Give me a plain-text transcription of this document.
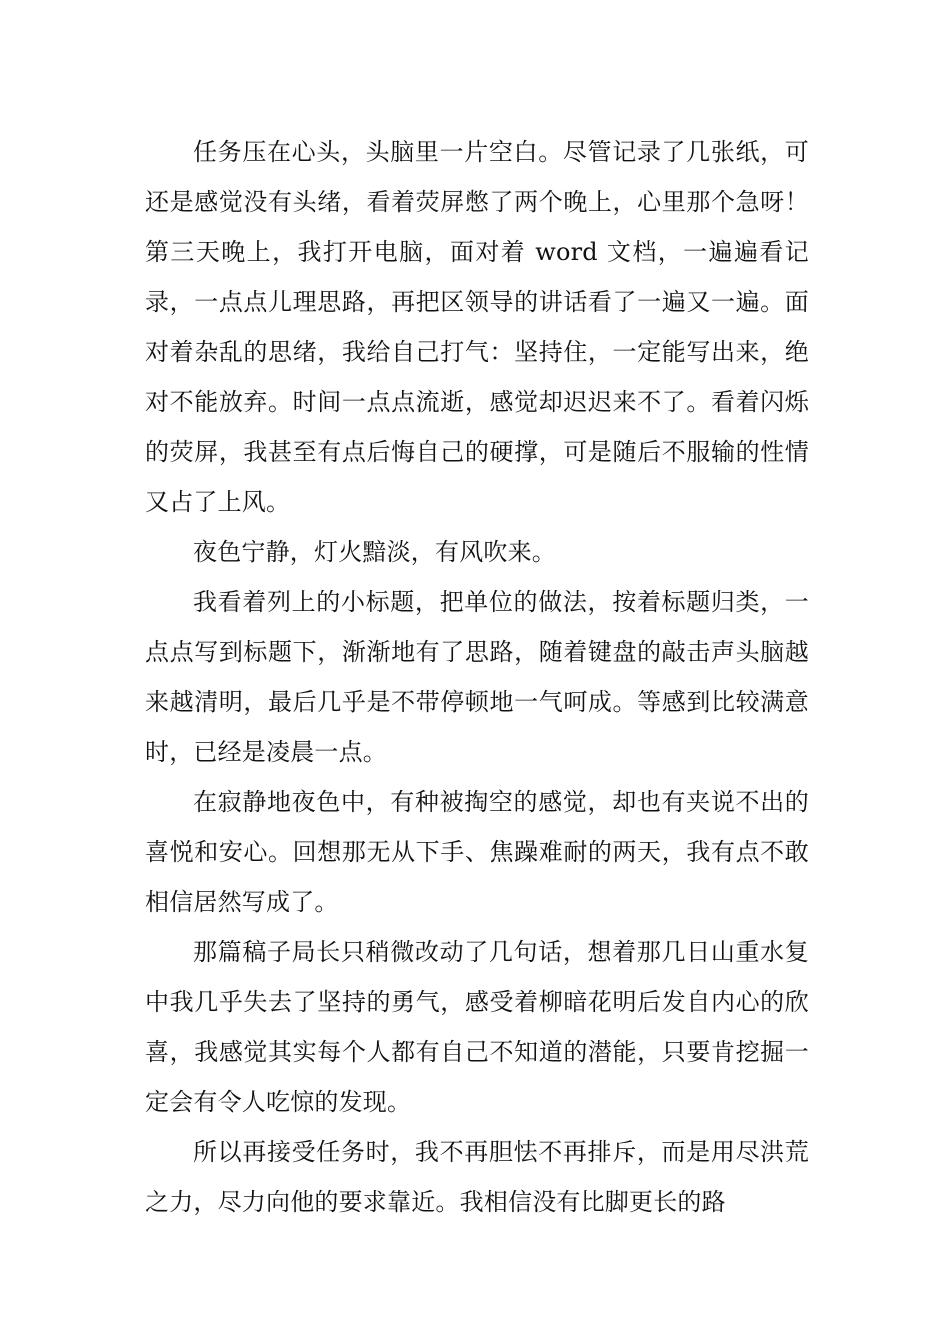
任务压在心头，头脑里一片空白。尽管记录了几张纸，可还是感觉没有头绪，看着荧屏憋了两个晚上，心里那个急呀！第三天晚上，我打开电脑，面对着 word 文档，一遍遍看记录，一点点儿理思路，再把区领导的讲话看了一遍又一遍。面对着杂乱的思绪，我给自己打气：坚持住，一定能写出来，绝对不能放弃。时间一点点流逝，感觉却迟迟来不了。看着闪烁的荧屏，我甚至有点后悔自己的硬撑，可是随后不服输的性情又占了上风。

夜色宁静，灯火黯淡，有风吹来。

我看着列上的小标题，把单位的做法，按着标题归类，一点点写到标题下，渐渐地有了思路，随着键盘的敲击声头脑越来越清明，最后几乎是不带停顿地一气呵成。等感到比较满意时，已经是凌晨一点。

在寂静地夜色中，有种被掏空的感觉，却也有夹说不出的喜悦和安心。回想那无从下手、焦躁难耐的两天，我有点不敢相信居然写成了。

那篇稿子局长只稍微改动了几句话，想着那几日山重水复中我几乎失去了坚持的勇气，感受着柳暗花明后发自内心的欣喜，我感觉其实每个人都有自己不知道的潜能，只要肯挖掘一定会有令人吃惊的发现。

所以再接受任务时，我不再胆怯不再排斥，而是用尽洪荒之力，尽力向他的要求靠近。我相信没有比脚更长的路
